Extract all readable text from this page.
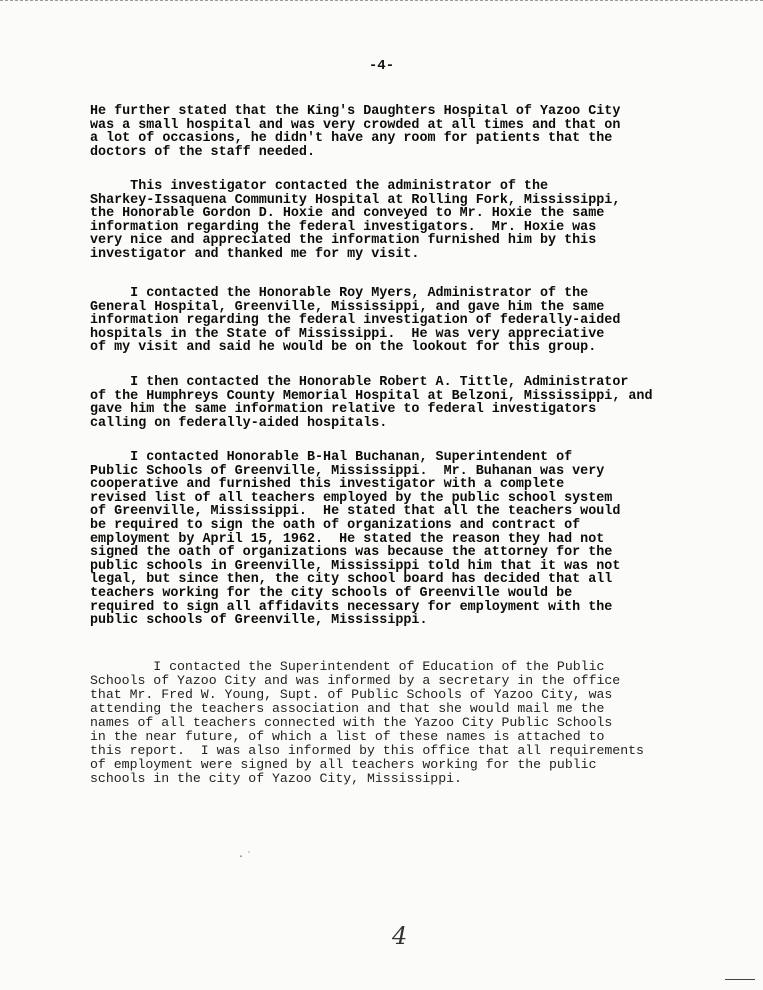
-4-

He further stated that the King's Daughters Hospital of Yazoo City
was a small hospital and was very crowded at all times and that on
a lot of occasions, he didn't have any room for patients that the
doctors of the staff needed.

This investigator contacted the administrator of the
Sharkey-Issaquena Community Hospital at Rolling Fork, Mississippi,
the Honorable Gordon D. Hoxie and conveyed to Mr. Hoxie the same
information regarding the federal investigators.  Mr. Hoxie was
very nice and appreciated the information furnished him by this
investigator and thanked me for my visit.

I contacted the Honorable Roy Myers, Administrator of the
General Hospital, Greenville, Mississippi, and gave him the same
information regarding the federal investigation of federally-aided
hospitals in the State of Mississippi.  He was very appreciative
of my visit and said he would be on the lookout for this group.

I then contacted the Honorable Robert A. Tittle, Administrator
of the Humphreys County Memorial Hospital at Belzoni, Mississippi, and
gave him the same information relative to federal investigators
calling on federally-aided hospitals.

I contacted Honorable B-Hal Buchanan, Superintendent of
Public Schools of Greenville, Mississippi.  Mr. Buhanan was very
cooperative and furnished this investigator with a complete
revised list of all teachers employed by the public school system
of Greenville, Mississippi.  He stated that all the teachers would
be required to sign the oath of organizations and contract of
employment by April 15, 1962.  He stated the reason they had not
signed the oath of organizations was because the attorney for the
public schools in Greenville, Mississippi told him that it was not
legal, but since then, the city school board has decided that all
teachers working for the city schools of Greenville would be
required to sign all affidavits necessary for employment with the
public schools of Greenville, Mississippi.

I contacted the Superintendent of Education of the Public
Schools of Yazoo City and was informed by a secretary in the office
that Mr. Fred W. Young, Supt. of Public Schools of Yazoo City, was
attending the teachers association and that she would mail me the
names of all teachers connected with the Yazoo City Public Schools
in the near future, of which a list of these names is attached to
this report.  I was also informed by this office that all requirements
of employment were signed by all teachers working for the public
schools in the city of Yazoo City, Mississippi.

·˙
4
